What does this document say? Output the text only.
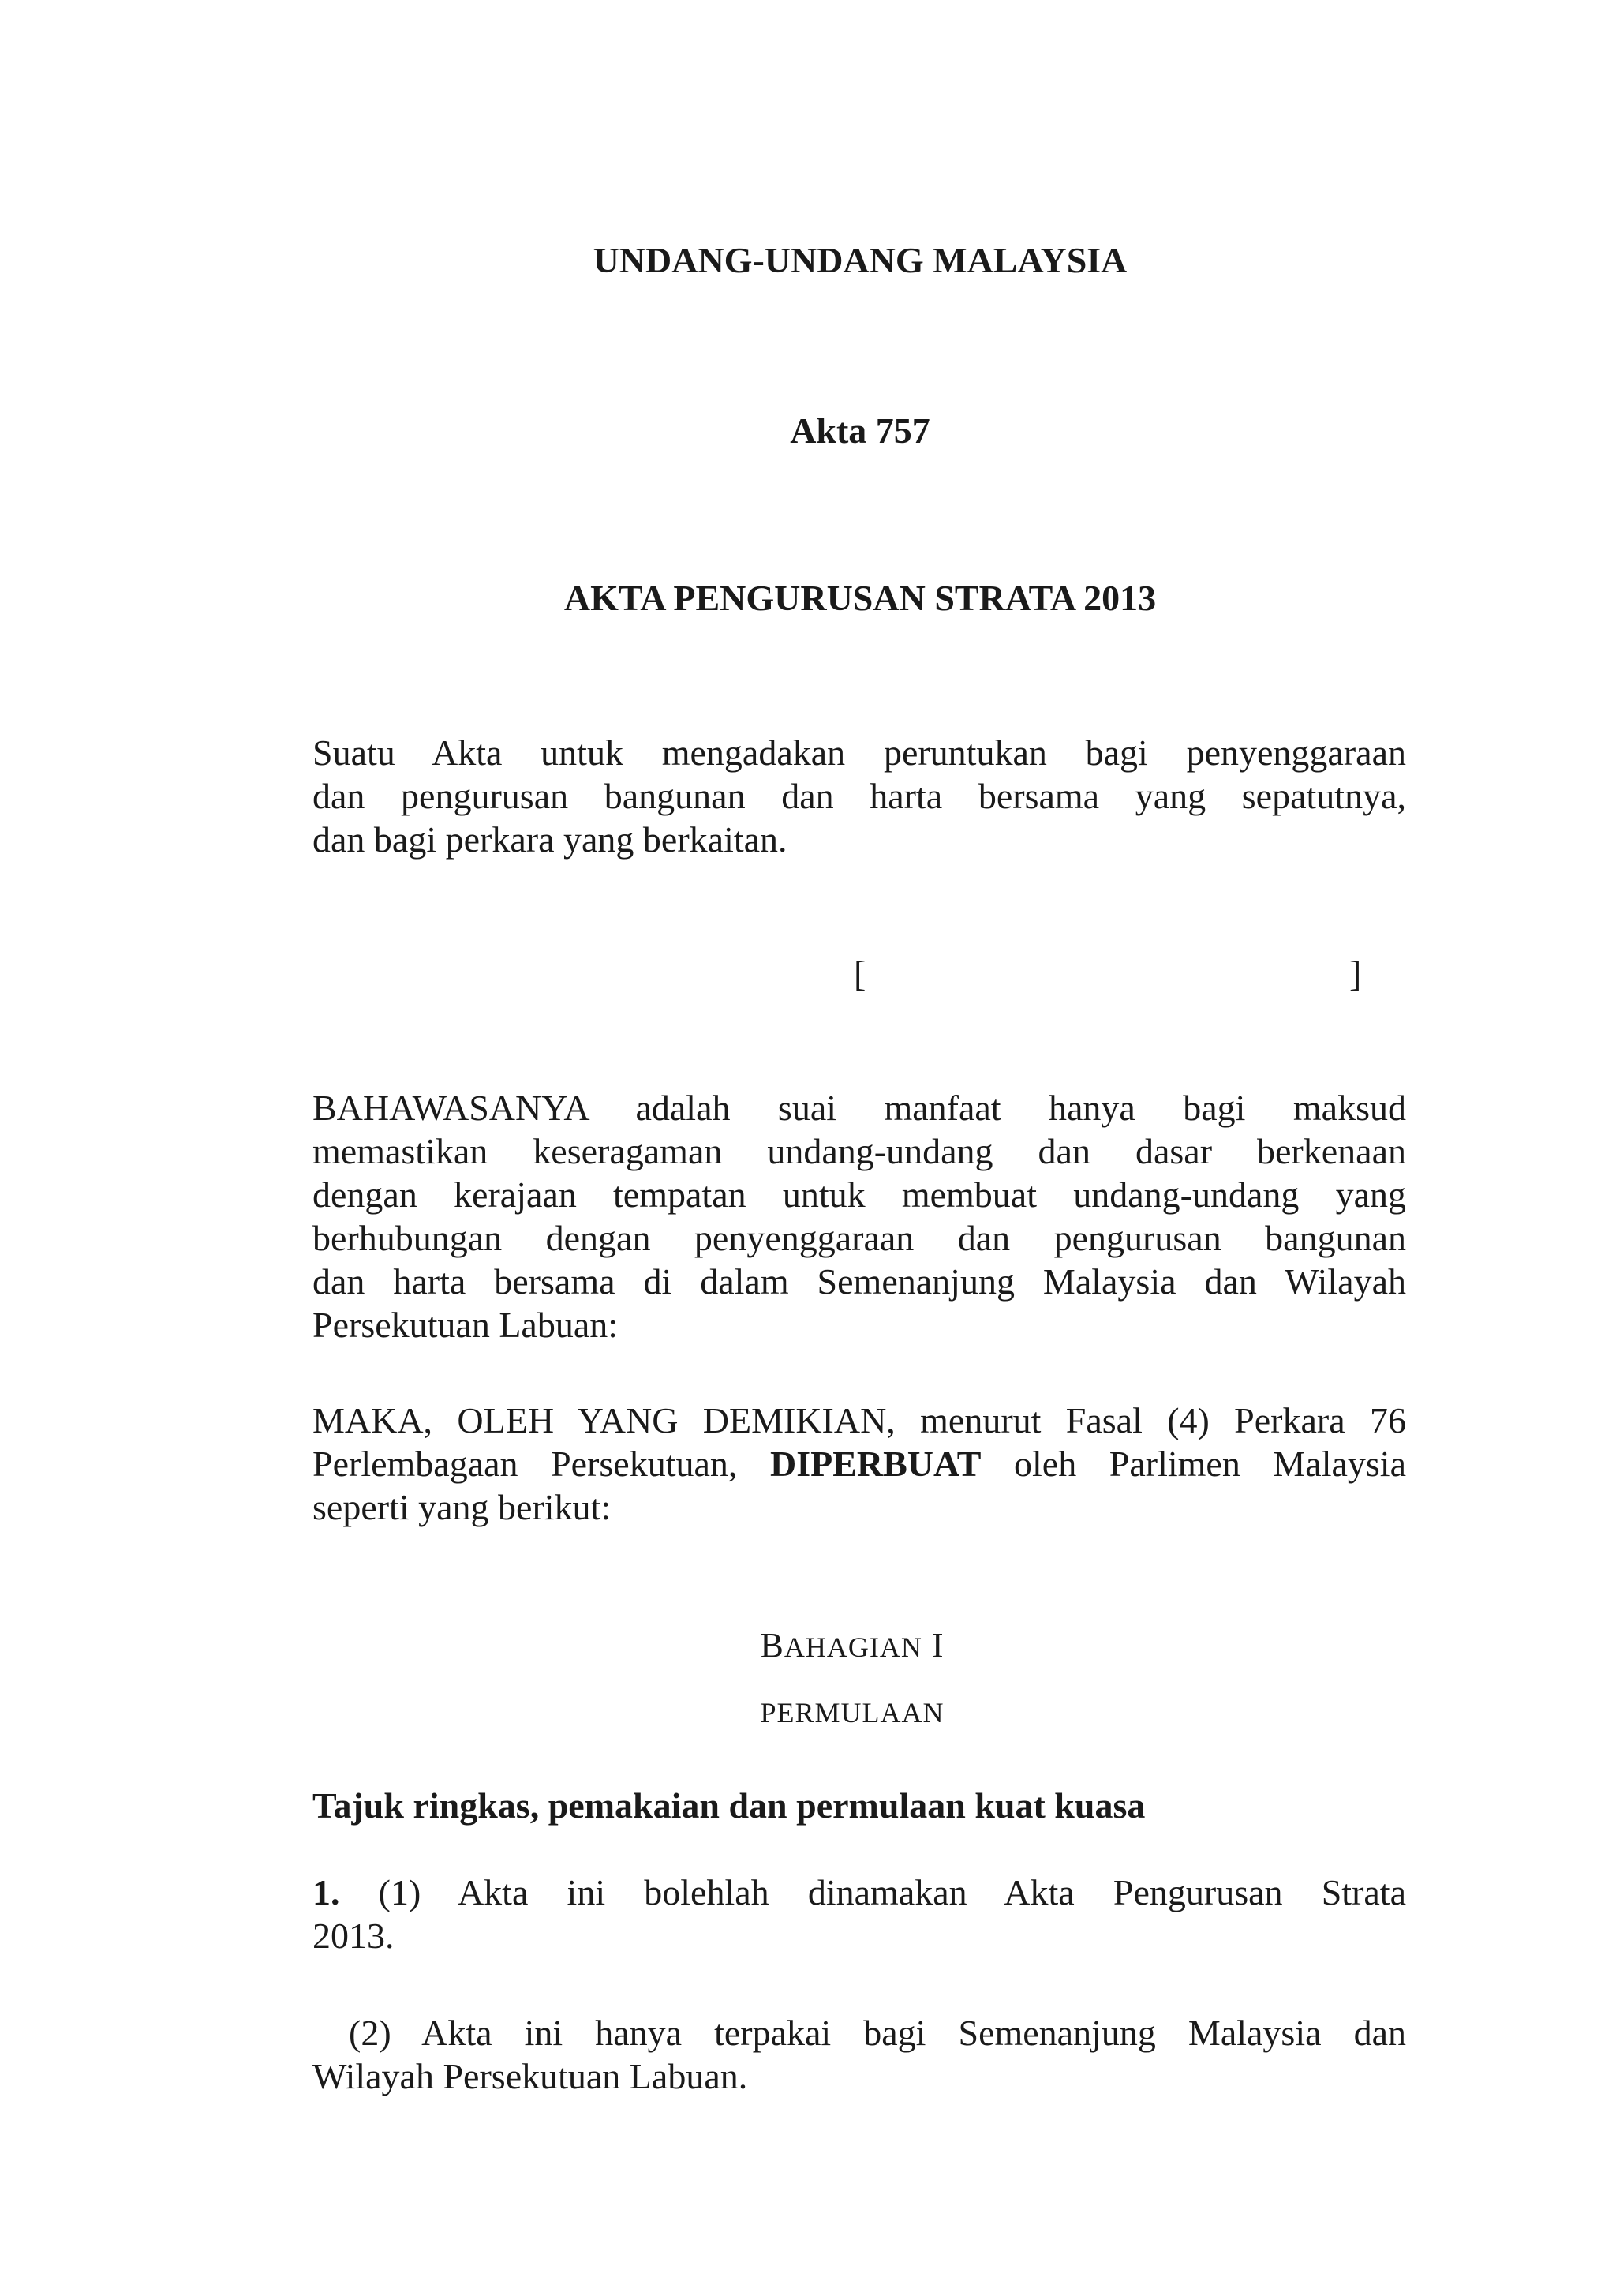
UNDANG-UNDANG MALAYSIA
Akta 757
AKTA PENGURUSAN STRATA 2013
Suatu Akta untuk mengadakan peruntukan bagi penyenggaraan
dan pengurusan bangunan dan harta bersama yang sepatutnya,
dan bagi perkara yang berkaitan.
[	]
BAHAWASANYA adalah suai manfaat hanya bagi maksud
memastikan keseragaman undang-undang dan dasar berkenaan
dengan kerajaan tempatan untuk membuat undang-undang yang
berhubungan dengan penyenggaraan dan pengurusan bangunan
dan harta bersama di dalam Semenanjung Malaysia dan Wilayah
Persekutuan Labuan:
MAKA, OLEH YANG DEMIKIAN, menurut Fasal (4) Perkara 76
Perlembagaan Persekutuan, DIPERBUAT oleh Parlimen Malaysia
seperti yang berikut:
BAHAGIAN I
PERMULAAN
Tajuk ringkas, pemakaian dan permulaan kuat kuasa
1. (1) Akta ini bolehlah dinamakan Akta Pengurusan Strata
2013.
(2) Akta ini hanya terpakai bagi Semenanjung Malaysia dan
Wilayah Persekutuan Labuan.
